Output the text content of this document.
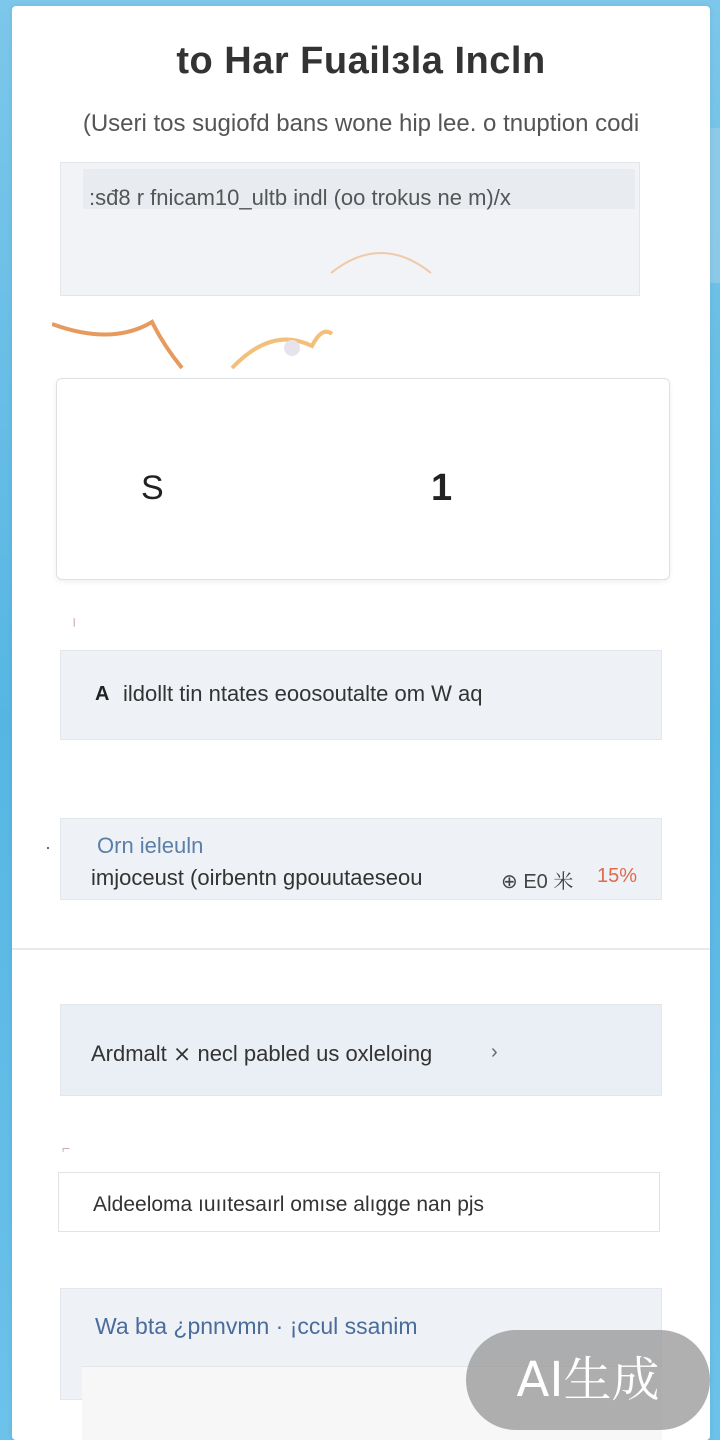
to Har Fuailɜla Incln
(Useri tos sugiofd bans wone hip lee. o tnuption codi
:sđ8 r fnicam10_ultb indl (oo trokus ne m)/x
S	1
╷
A ildollt tin ntates eoosoutalte om W aq
· Orn ieleuln
imjoceust (oirbentn gpouutaeseou	⊕ E0 米 15%
Ardmalt ⨯ necl pabled us oxleloing	›
⌐
Aldeeloma ıuııtesaırl omıse alıgge nan pjs
Wa bta ¿pnnvmn · ¡ccul ssanim
AI生成
